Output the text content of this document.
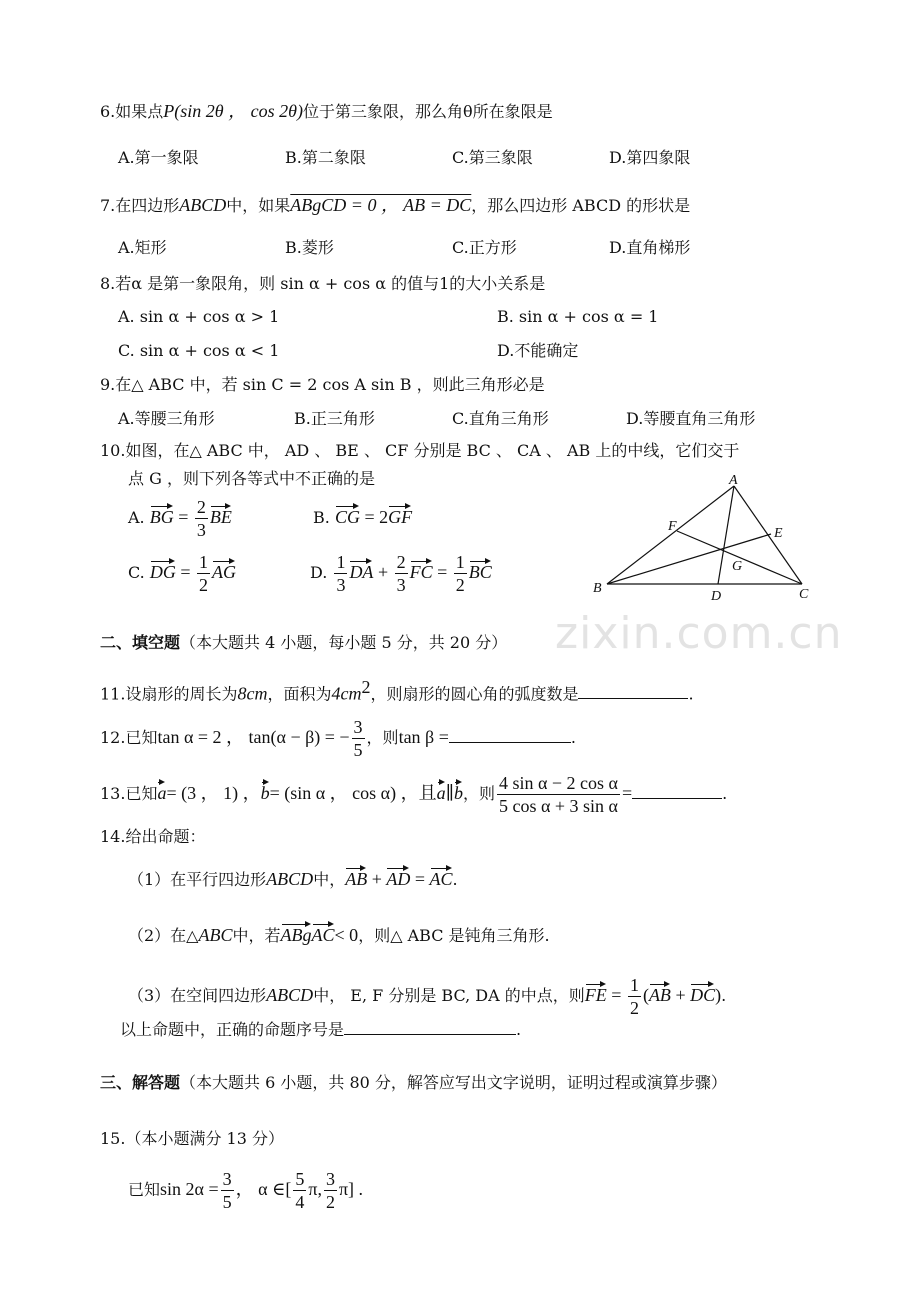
zixin.com.cn
6.如果点P(sin 2θ ， cos 2θ)位于第三象限，那么角θ所在象限是
A.第一象限	B.第二象限	C.第三象限	D.第四象限
7.在四边形ABCD中，如果ABgCD = 0 ， AB = DC，那么四边形 ABCD 的形状是
A.矩形	B.菱形	C.正方形	D.直角梯形
8.若α 是第一象限角，则 sin α + cos α 的值与1的大小关系是
A. sin α + cos α > 1	B. sin α + cos α = 1
C. sin α + cos α < 1	D.不能确定
9.在△ ABC 中，若 sin C = 2 cos A sin B ，则此三角形必是
A.等腰三角形	B.正三角形	C.直角三角形	D.等腰直角三角形
10.如图，在△ ABC 中， AD 、 BE 、 CF 分别是 BC 、 CA 、 AB 上的中线，它们交于
点 G ，则下列各等式中不正确的是
A. BG = $\frac{2}{3}$ BE	B. CG = 2GF
C. DG = $\frac{1}{2}$ AG	D. $\frac{1}{3}$ DA + $\frac{2}{3}$ FC = $\frac{1}{2}$ BC
A
B	C
D
E
F
G
二、填空题（本大题共 4 小题，每小题 5 分，共 20 分）
11.设扇形的周长为8cm，面积为$4cm^2$，则扇形的圆心角的弧度数是	.
12.已知tan α = 2 ， tan(α − β) = − $\frac{3}{5}$ ，则tan β =	.
13.已知a= (3 ， 1) ，b= (sin α ， cos α) ，且a∥b，则 $\frac{\text{4 sin α − 2 cos α}}{\text{5 cos α + 3 sin α}}$ =	.
14.给出命题：
（1）在平行四边形ABCD中，AB + AD = AC.
（2）在△ABC中，若ABgAC< 0，则△ ABC 是钝角三角形.
（3）在空间四边形ABCD中， E, F 分别是 BC, DA 的中点，则FE = $\frac{1}{2} (AB + DC)$.
以上命题中，正确的命题序号是	.
三、解答题（本大题共 6 小题，共 80 分，解答应写出文字说明，证明过程或演算步骤）
15.（本小题满分 13 分）
已知$\sin 2\alpha = \frac{3}{5}$ ， α ∈[ $\frac{5}{4} \pi$, $\frac{3}{2} \pi$] .
